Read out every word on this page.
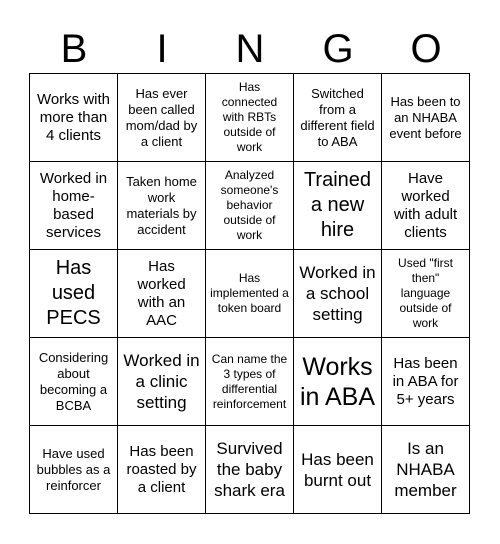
B	I	N	G	O
Works with more than 4 clients
Has ever been called mom/dad by a client
Has connected with RBTs outside of work
Switched from a different field to ABA
Has been to an NHABA event before
Worked in home-based services
Taken home work materials by accident
Analyzed someone's behavior outside of work
Trained a new hire
Have worked with adult clients
Has used PECS
Has worked with an AAC
Has implemented a token board
Worked in a school setting
Used "first then" language outside of work
Considering about becoming a BCBA
Worked in a clinic setting
Can name the 3 types of differential reinforcement
Works in ABA
Has been in ABA for 5+ years
Have used bubbles as a reinforcer
Has been roasted by a client
Survived the baby shark era
Has been burnt out
Is an NHABA member
